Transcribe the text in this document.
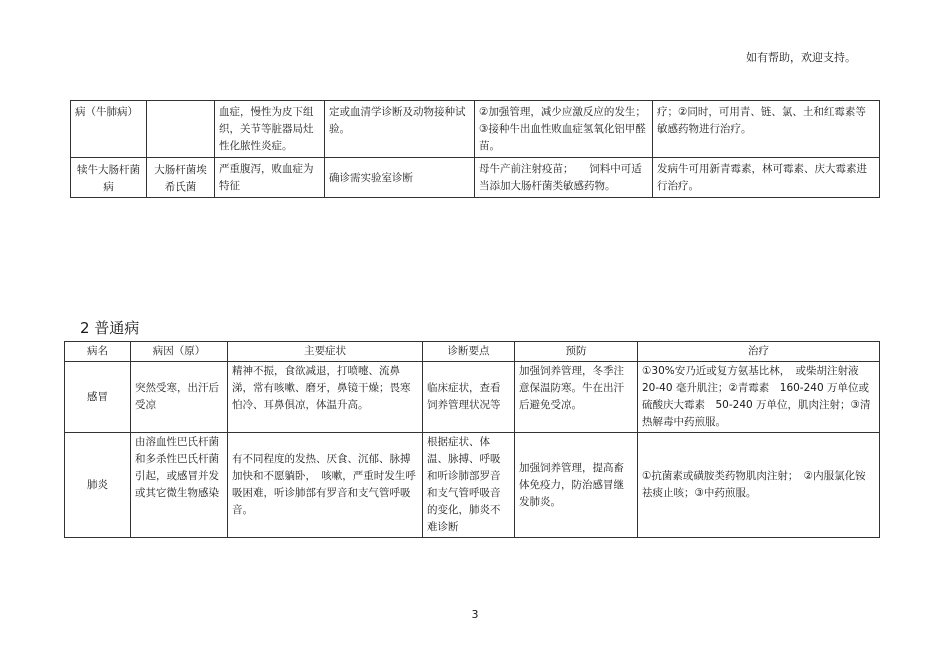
如有帮助，欢迎支持。
病（牛肺病）		血症，慢性为皮下组织，关节等脏器局灶性化脓性炎症。	定或血清学诊断及动物接种试验。	②加强管理，减少应激反应的发生；③接种牛出血性败血症氢氧化铝甲醛苗。	疗；②同时，可用青、链、氯、土和红霉素等敏感药物进行治疗。
犊牛大肠杆菌病	大肠杆菌埃希氏菌	严重腹泻，败血症为特征	确诊需实验室诊断	母牛产前注射疫苗；　　饲料中可适当添加大肠杆菌类敏感药物。	发病牛可用新青霉素，林可霉素、庆大霉素进行治疗。
2 普通病
病名	病因（原）	主要症状	诊断要点	预防	治疗
感冒	突然受寒，出汗后受凉	精神不振，食欲减退，打喷嚏、流鼻涕，常有咳嗽、磨牙，鼻镜干燥；畏寒怕冷、耳鼻俱凉，体温升高。	临床症状，查看饲养管理状况等	加强饲养管理，冬季注意保温防寒。牛在出汗后避免受凉。	①30%安乃近或复方氨基比林，　或柴胡注射液20-40 毫升肌注；②青霉素　160-240 万单位或硫酸庆大霉素　50-240 万单位，肌肉注射；③清热解毒中药煎服。
肺炎	由溶血性巴氏杆菌和多杀性巴氏杆菌引起，或感冒并发或其它微生物感染	有不同程度的发热、厌食、沉郁、脉搏加快和不愿躺卧，　咳嗽，严重时发生呼吸困难，听诊肺部有罗音和支气管呼吸音。	根据症状、体温、脉搏、呼吸和听诊肺部罗音和支气管呼吸音的变化，肺炎不难诊断	加强饲养管理，提高畜体免疫力，防治感冒继发肺炎。	①抗菌素或磺胺类药物肌肉注射；　②内服氯化铵祛痰止咳；③中药煎服。
3
